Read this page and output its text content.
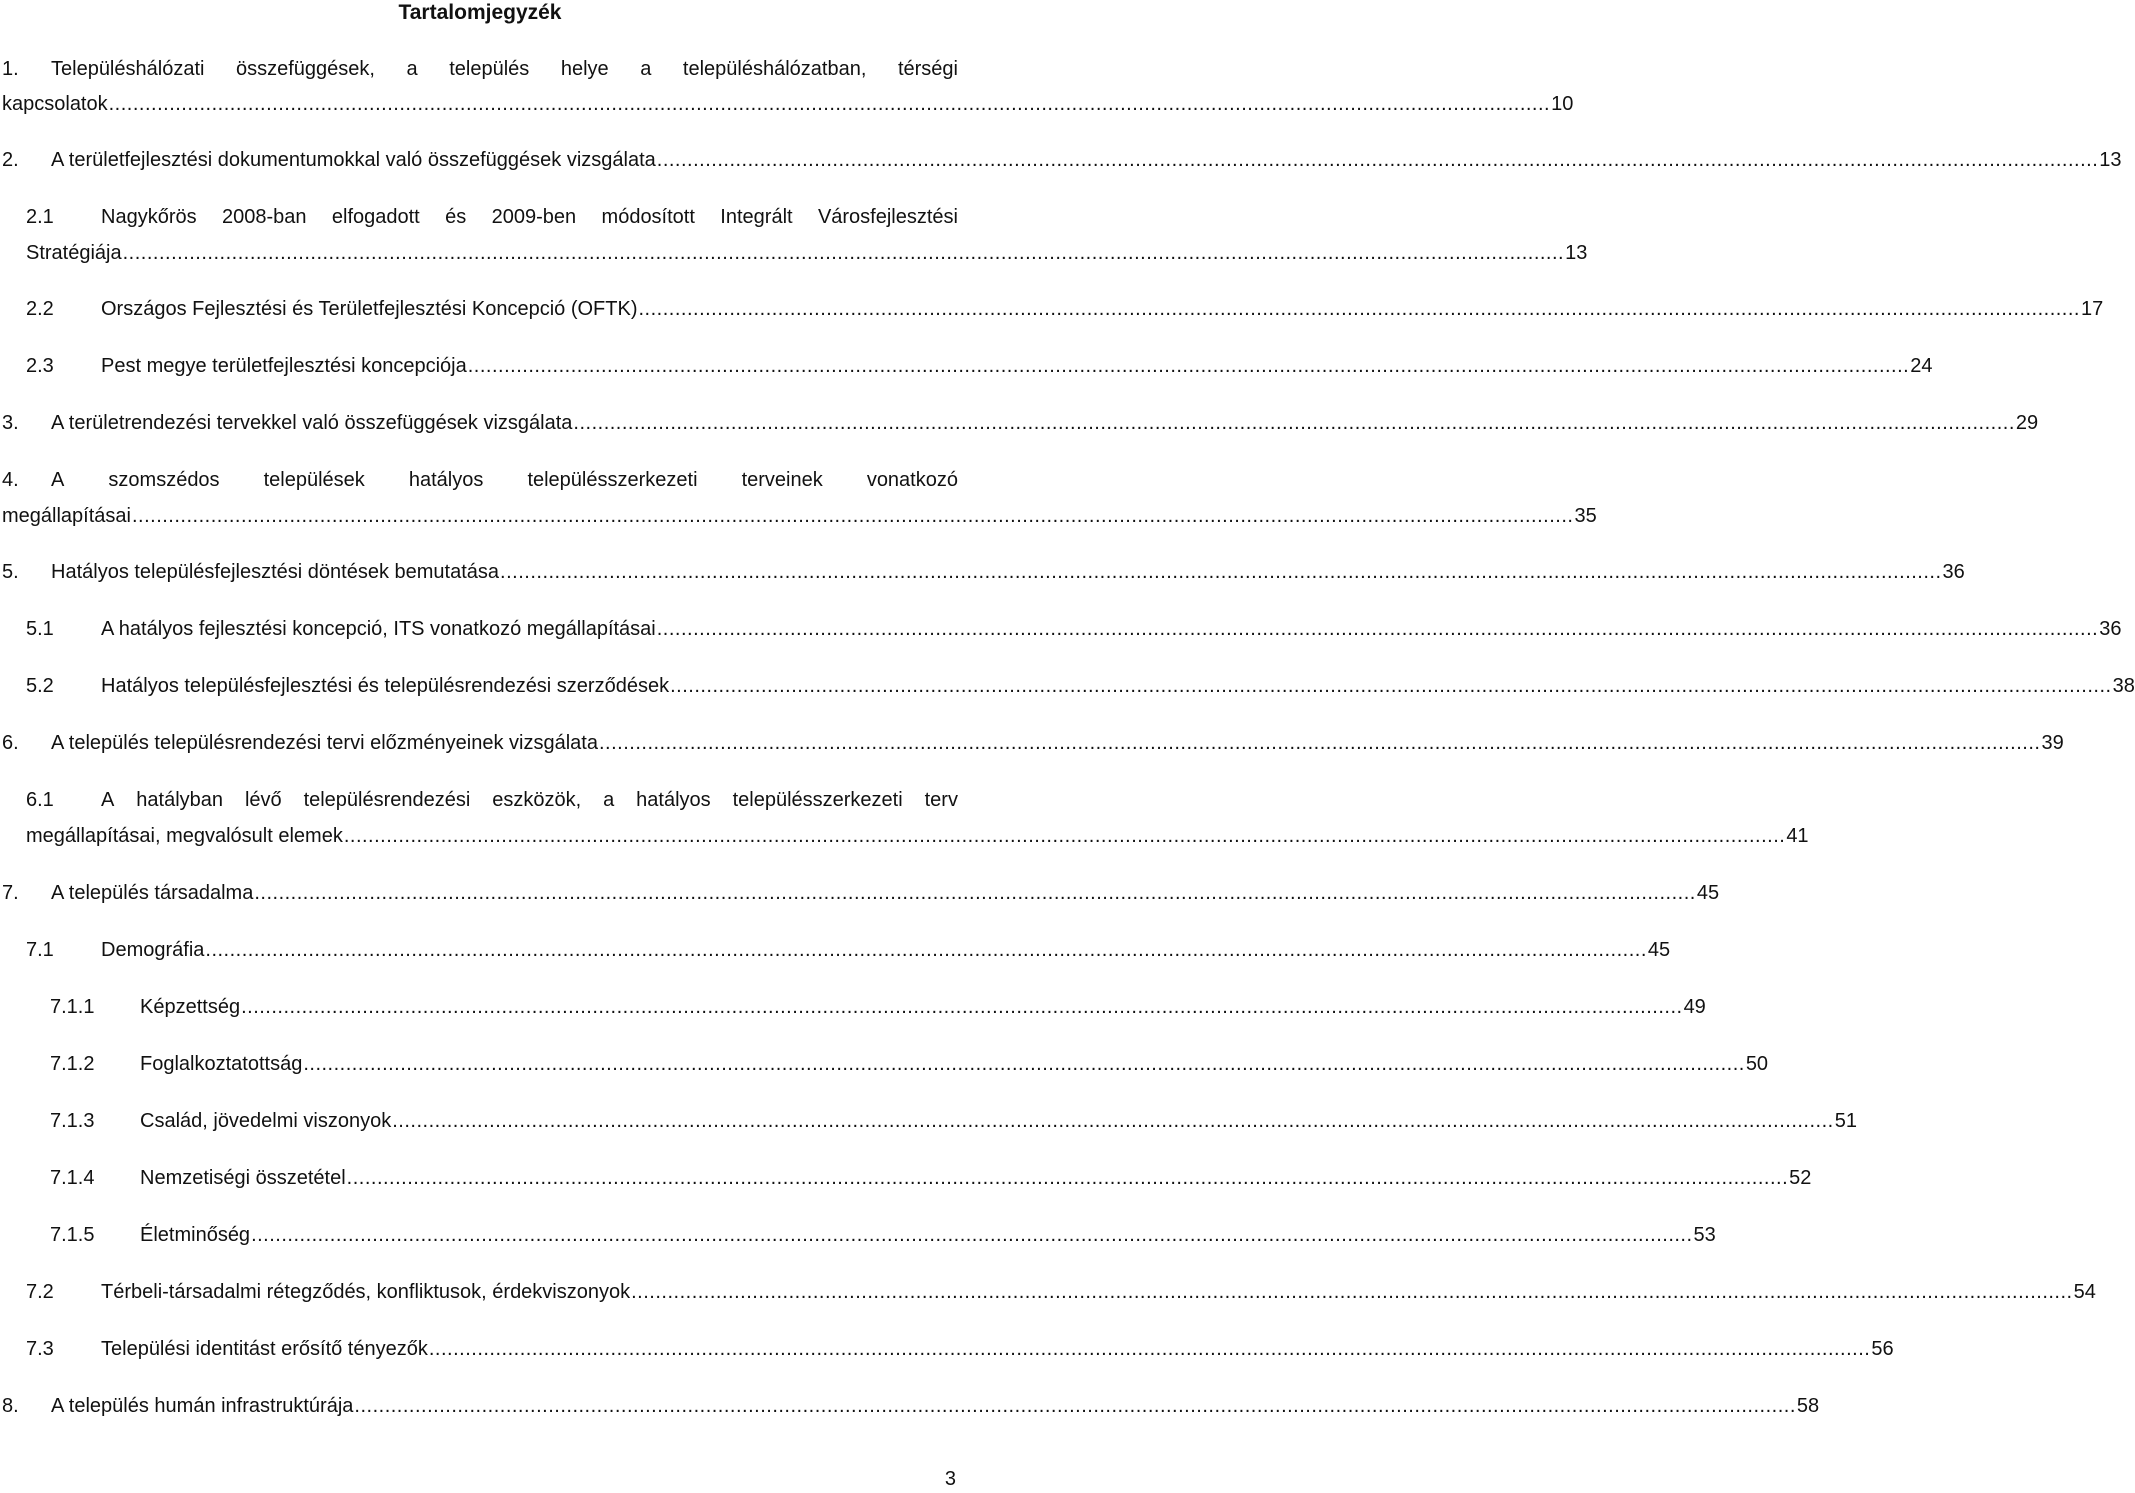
Tartalomjegyzék
1.	Településhálózati összefüggések, a település helye a településhálózatban, térségi
kapcsolatok .....	10
2.	A területfejlesztési dokumentumokkal való összefüggések vizsgálata .....	13
2.1	Nagykőrös 2008-ban elfogadott és 2009-ben módosított Integrált Városfejlesztési
Stratégiája .....	13
2.2	Országos Fejlesztési és Területfejlesztési Koncepció (OFTK) .....	17
2.3	Pest megye területfejlesztési koncepciója .....	24
3.	A területrendezési tervekkel való összefüggések vizsgálata .....	29
4.	A szomszédos települések hatályos településszerkezeti terveinek vonatkozó
megállapításai .....	35
5.	Hatályos településfejlesztési döntések bemutatása .....	36
5.1	A hatályos fejlesztési koncepció, ITS vonatkozó megállapításai .....	36
5.2	Hatályos településfejlesztési és településrendezési szerződések .....	38
6.	A település településrendezési tervi előzményeinek vizsgálata .....	39
6.1	A hatályban lévő településrendezési eszközök, a hatályos településszerkezeti terv
megállapításai, megvalósult elemek .....	41
7.	A település társadalma .....	45
7.1	Demográfia .....	45
7.1.1	Képzettség .....	49
7.1.2	Foglalkoztatottság .....	50
7.1.3	Család, jövedelmi viszonyok .....	51
7.1.4	Nemzetiségi összetétel .....	52
7.1.5	Életminőség .....	53
7.2	Térbeli-társadalmi rétegződés, konfliktusok, érdekviszonyok .....	54
7.3	Települési identitást erősítő tényezők .....	56
8.	A település humán infrastruktúrája .....	58
3
